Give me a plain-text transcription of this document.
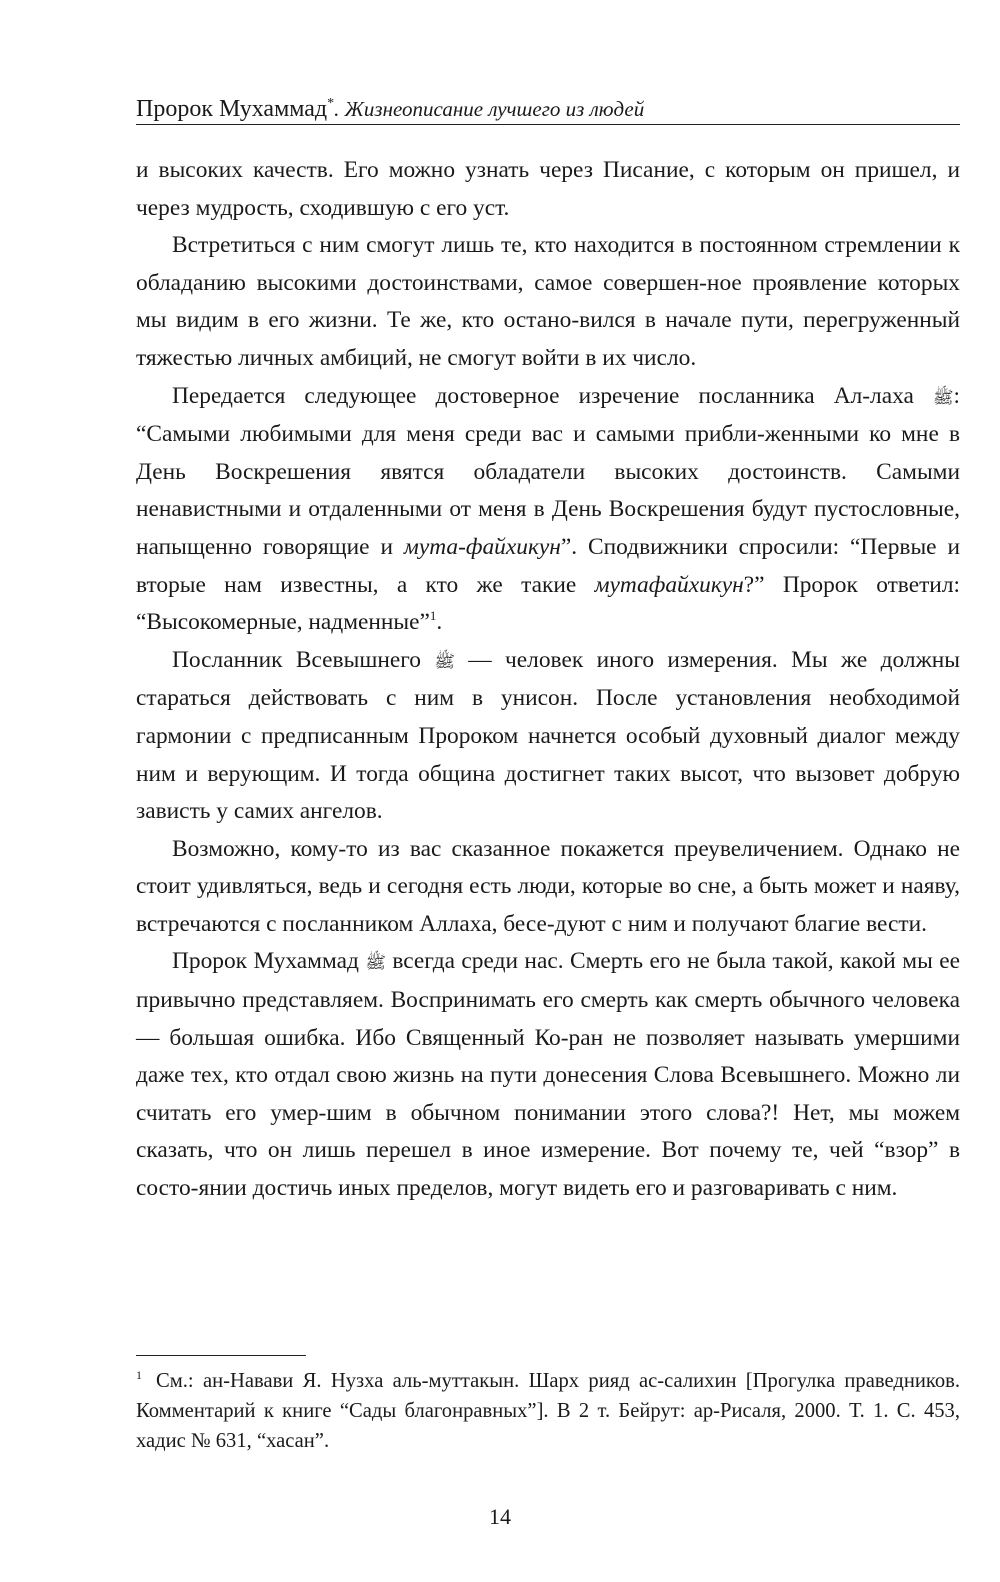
Пророк Мухаммад*. Жизнеописание лучшего из людей

и высоких качеств. Его можно узнать через Писание, с которым он пришел, и через мудрость, сходившую с его уст.

Встретиться с ним смогут лишь те, кто находится в постоянном стремлении к обладанию высокими достоинствами, самое совершен-ное проявление которых мы видим в его жизни. Те же, кто остано-вился в начале пути, перегруженный тяжестью личных амбиций, не смогут войти в их число.

Передается следующее достоверное изречение посланника Ал-лаха ﷺ: “Самыми любимыми для меня среди вас и самыми прибли-женными ко мне в День Воскрешения явятся обладатели высоких достоинств. Самыми ненавистными и отдаленными от меня в День Воскрешения будут пустословные, напыщенно говорящие и мута-файхикун”. Сподвижники спросили: “Первые и вторые нам известны, а кто же такие мутафайхикун?” Пророк ответил: “Высокомерные, надменные”$^1$.

Посланник Всевышнего ﷺ — человек иного измерения. Мы же должны стараться действовать с ним в унисон. После установления необходимой гармонии с предписанным Пророком начнется особый духовный диалог между ним и верующим. И тогда община достигнет таких высот, что вызовет добрую зависть у самих ангелов.

Возможно, кому-то из вас сказанное покажется преувеличением. Однако не стоит удивляться, ведь и сегодня есть люди, которые во сне, а быть может и наяву, встречаются с посланником Аллаха, бесе-дуют с ним и получают благие вести.

Пророк Мухаммад ﷺ всегда среди нас. Смерть его не была такой, какой мы ее привычно представляем. Воспринимать его смерть как смерть обычного человека — большая ошибка. Ибо Священный Ко-ран не позволяет называть умершими даже тех, кто отдал свою жизнь на пути донесения Слова Всевышнего. Можно ли считать его умер-шим в обычном понимании этого слова?! Нет, мы можем сказать, что он лишь перешел в иное измерение. Вот почему те, чей “взор” в состо-янии достичь иных пределов, могут видеть его и разговаривать с ним.

$^1$ См.: ан-Навави Я. Нузха аль-муттакын. Шарх рияд ас-салихин [Прогулка праведников. Комментарий к книге “Сады благонравных”]. В 2 т. Бейрут: ар-Рисаля, 2000. Т. 1. С. 453, хадис № 631, “хасан”.

14
